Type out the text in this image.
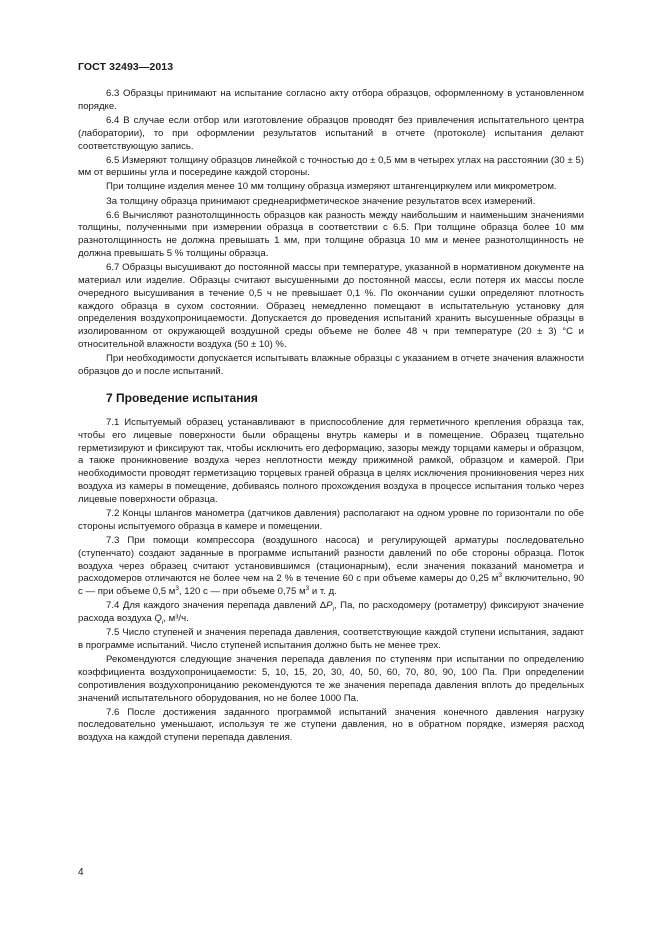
ГОСТ 32493—2013

6.3 Образцы принимают на испытание согласно акту отбора образцов, оформленному в установленном порядке.

6.4 В случае если отбор или изготовление образцов проводят без привлечения испытательного центра (лаборатории), то при оформлении результатов испытаний в отчете (протоколе) испытания делают соответствующую запись.

6.5 Измеряют толщину образцов линейкой с точностью до ± 0,5 мм в четырех углах на расстоянии (30 ± 5) мм от вершины угла и посередине каждой стороны.

При толщине изделия менее 10 мм толщину образца измеряют штангенциркулем или микрометром.

За толщину образца принимают среднеарифметическое значение результатов всех измерений.

6.6 Вычисляют разнотолщинность образцов как разность между наибольшим и наименьшим значениями толщины, полученными при измерении образца в соответствии с 6.5. При толщине образца более 10 мм разнотолщинность не должна превышать 1 мм, при толщине образца 10 мм и менее разнотолщинность не должна превышать 5 % толщины образца.

6.7 Образцы высушивают до постоянной массы при температуре, указанной в нормативном документе на материал или изделие. Образцы считают высушенными до постоянной массы, если потеря их массы после очередного высушивания в течение 0,5 ч не превышает 0,1 %. По окончании сушки определяют плотность каждого образца в сухом состоянии. Образец немедленно помещают в испытательную установку для определения воздухопроницаемости. Допускается до проведения испытаний хранить высушенные образцы в изолированном от окружающей воздушной среды объеме не более 48 ч при температуре (20 ± 3) °С и относительной влажности воздуха (50 ± 10) %.

При необходимости допускается испытывать влажные образцы с указанием в отчете значения влажности образцов до и после испытаний.

7 Проведение испытания

7.1 Испытуемый образец устанавливают в приспособление для герметичного крепления образца так, чтобы его лицевые поверхности были обращены внутрь камеры и в помещение. Образец тщательно герметизируют и фиксируют так, чтобы исключить его деформацию, зазоры между торцами камеры и образцом, а также проникновение воздуха через неплотности между прижимной рамкой, образцом и камерой. При необходимости проводят герметизацию торцевых граней образца в целях исключения проникновения через них воздуха из камеры в помещение, добиваясь полного прохождения воздуха в процессе испытания только через лицевые поверхности образца.

7.2 Концы шлангов манометра (датчиков давления) располагают на одном уровне по горизонтали по обе стороны испытуемого образца в камере и помещении.

7.3 При помощи компрессора (воздушного насоса) и регулирующей арматуры последовательно (ступенчато) создают заданные в программе испытаний разности давлений по обе стороны образца. Поток воздуха через образец считают установившимся (стационарным), если значения показаний манометра и расходомеров отличаются не более чем на 2 % в течение 60 с при объеме камеры до 0,25 $м^3$ включительно, 90 с — при объеме 0,5 $м^3$, 120 с — при объеме 0,75 $м^3$ и т. д.

7.4 Для каждого значения перепада давлений $\Delta P_i$, Па, по расходомеру (ротаметру) фиксируют значение расхода воздуха $Q_i$, м³/ч.

7.5 Число ступеней и значения перепада давления, соответствующие каждой ступени испытания, задают в программе испытаний. Число ступеней испытания должно быть не менее трех.

Рекомендуются следующие значения перепада давления по ступеням при испытании по определению коэффициента воздухопроницаемости: 5, 10, 15, 20, 30, 40, 50, 60, 70, 80, 90, 100 Па. При определении сопротивления воздухопроницанию рекомендуются те же значения перепада давления вплоть до предельных значений испытательного оборудования, но не более 1000 Па.

7.6 После достижения заданного программой испытаний значения конечного давления нагрузку последовательно уменьшают, используя те же ступени давления, но в обратном порядке, измеряя расход воздуха на каждой ступени перепада давления.

4
